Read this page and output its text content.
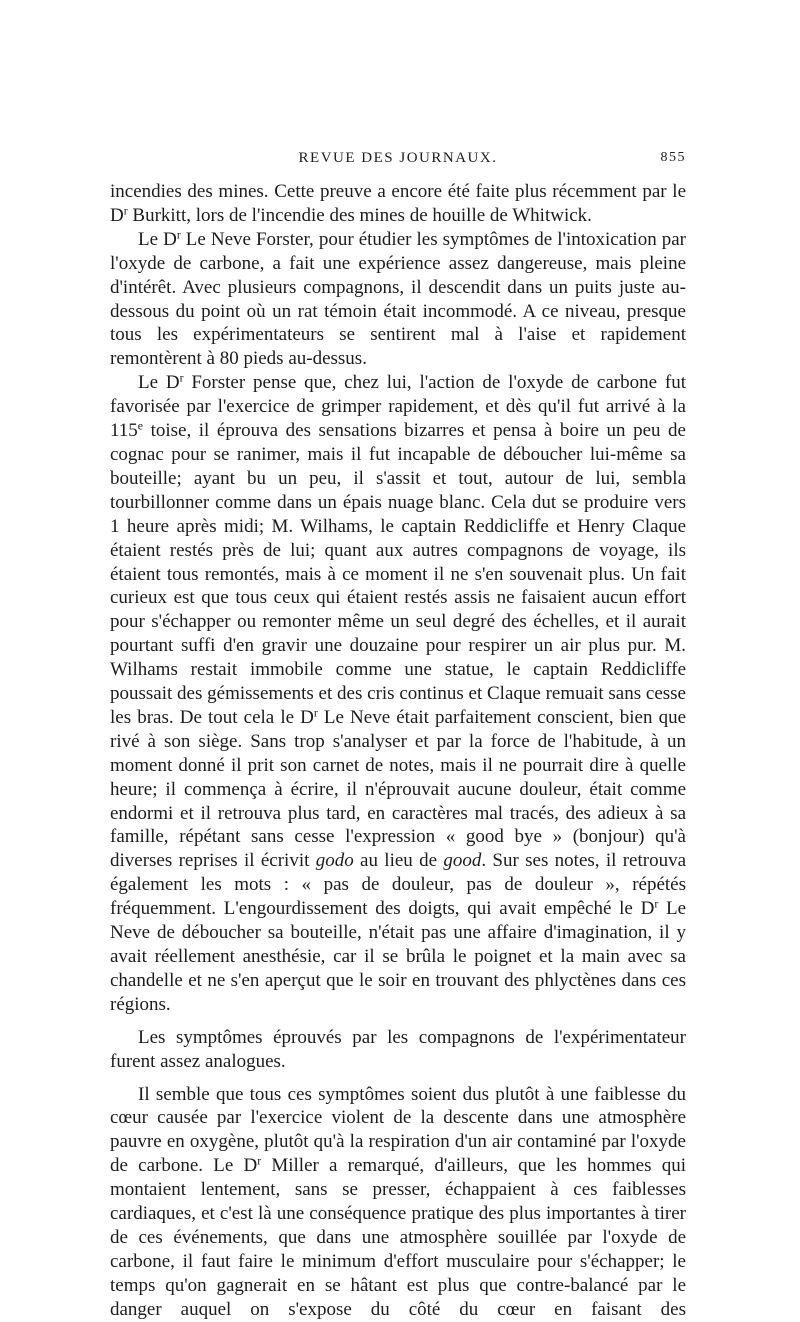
REVUE DES JOURNAUX.	855

incendies des mines. Cette preuve a encore été faite plus récemment par le $D^r$ Burkitt, lors de l'incendie des mines de houille de Whitwick.

Le $D^r$ Le Neve Forster, pour étudier les symptômes de l'intoxication par l'oxyde de carbone, a fait une expérience assez dangereuse, mais pleine d'intérêt. Avec plusieurs compagnons, il descendit dans un puits juste au-dessous du point où un rat témoin était incommodé. A ce niveau, presque tous les expérimentateurs se sentirent mal à l'aise et rapidement remontèrent à 80 pieds au-dessus.

Le $D^r$ Forster pense que, chez lui, l'action de l'oxyde de carbone fut favorisée par l'exercice de grimper rapidement, et dès qu'il fut arrivé à la 115e toise, il éprouva des sensations bizarres et pensa à boire un peu de cognac pour se ranimer, mais il fut incapable de déboucher lui-même sa bouteille; ayant bu un peu, il s'assit et tout, autour de lui, sembla tourbillonner comme dans un épais nuage blanc. Cela dut se produire vers 1 heure après midi; M. Wilhams, le captain Reddicliffe et Henry Claque étaient restés près de lui; quant aux autres compagnons de voyage, ils étaient tous remontés, mais à ce moment il ne s'en souvenait plus. Un fait curieux est que tous ceux qui étaient restés assis ne faisaient aucun effort pour s'échapper ou remonter même un seul degré des échelles, et il aurait pourtant suffi d'en gravir une douzaine pour respirer un air plus pur. M. Wilhams restait immobile comme une statue, le captain Reddicliffe poussait des gémissements et des cris continus et Claque remuait sans cesse les bras. De tout cela le $D^r$ Le Neve était parfaitement conscient, bien que rivé à son siège. Sans trop s'analyser et par la force de l'habitude, à un moment donné il prit son carnet de notes, mais il ne pourrait dire à quelle heure; il commença à écrire, il n'éprouvait aucune douleur, était comme endormi et il retrouva plus tard, en caractères mal tracés, des adieux à sa famille, répétant sans cesse l'expression « good bye » (bonjour) qu'à diverses reprises il écrivit godo au lieu de good. Sur ses notes, il retrouva également les mots : « pas de douleur, pas de douleur », répétés fréquemment. L'engourdissement des doigts, qui avait empêché le $D^r$ Le Neve de déboucher sa bouteille, n'était pas une affaire d'imagination, il y avait réellement anesthésie, car il se brûla le poignet et la main avec sa chandelle et ne s'en aperçut que le soir en trouvant des phlyctènes dans ces régions.

Les symptômes éprouvés par les compagnons de l'expérimentateur furent assez analogues.

Il semble que tous ces symptômes soient dus plutôt à une faiblesse du cœur causée par l'exercice violent de la descente dans une atmosphère pauvre en oxygène, plutôt qu'à la respiration d'un air contaminé par l'oxyde de carbone. Le $D^r$ Miller a remarqué, d'ailleurs, que les hommes qui montaient lentement, sans se presser, échappaient à ces faiblesses cardiaques, et c'est là une conséquence pratique des plus importantes à tirer de ces événements, que dans une atmosphère souillée par l'oxyde de carbone, il faut faire le minimum d'effort musculaire pour s'échapper; le temps qu'on gagnerait en se hâtant est plus que contre-balancé par le danger auquel on s'expose du côté du cœur en faisant des
